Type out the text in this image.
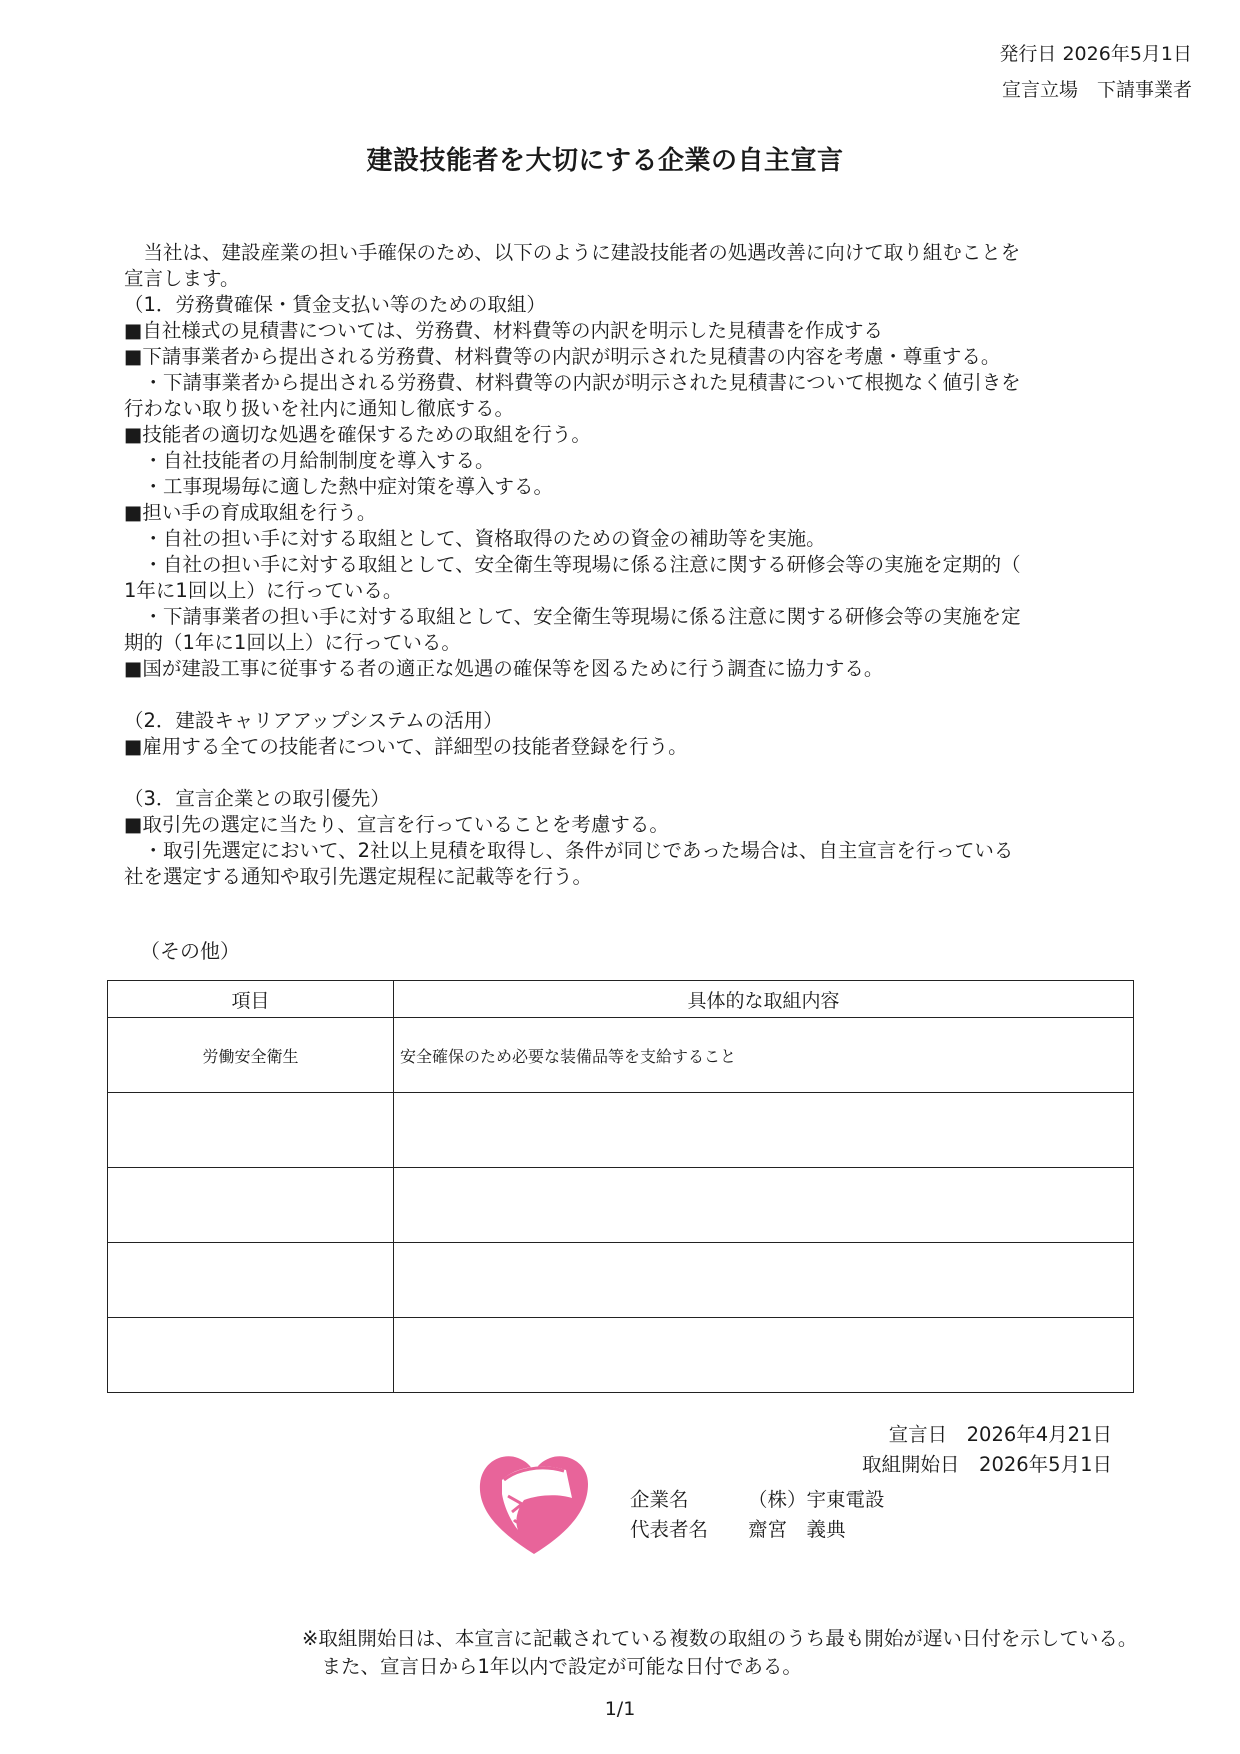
発行日 2026年5月1日
宣言立場　下請事業者
建設技能者を大切にする企業の自主宣言

　当社は、建設産業の担い手確保のため、以下のように建設技能者の処遇改善に向けて取り組むことを

宣言します。

（1．労務費確保・賃金支払い等のための取組）

■自社様式の見積書については、労務費、材料費等の内訳を明示した見積書を作成する

■下請事業者から提出される労務費、材料費等の内訳が明示された見積書の内容を考慮・尊重する。

　・下請事業者から提出される労務費、材料費等の内訳が明示された見積書について根拠なく値引きを

行わない取り扱いを社内に通知し徹底する。

■技能者の適切な処遇を確保するための取組を行う。

　・自社技能者の月給制制度を導入する。

　・工事現場毎に適した熱中症対策を導入する。

■担い手の育成取組を行う。

　・自社の担い手に対する取組として、資格取得のための資金の補助等を実施。

　・自社の担い手に対する取組として、安全衛生等現場に係る注意に関する研修会等の実施を定期的（

1年に1回以上）に行っている。

　・下請事業者の担い手に対する取組として、安全衛生等現場に係る注意に関する研修会等の実施を定

期的（1年に1回以上）に行っている。

■国が建設工事に従事する者の適正な処遇の確保等を図るために行う調査に協力する。

（2．建設キャリアアップシステムの活用）

■雇用する全ての技能者について、詳細型の技能者登録を行う。

（3．宣言企業との取引優先）

■取引先の選定に当たり、宣言を行っていることを考慮する。

　・取引先選定において、2社以上見積を取得し、条件が同じであった場合は、自主宣言を行っている

社を選定する通知や取引先選定規程に記載等を行う。

（その他）
項目	具体的な取組内容
労働安全衛生	安全確保のため必要な装備品等を支給すること

宣言日　 2026年4月21日
取組開始日　 2026年5月1日
企業名	（株）宇東電設
代表者名	齋宮　義典
※取組開始日は、本宣言に記載されている複数の取組のうち最も開始が遅い日付を示している。
　また、宣言日から1年以内で設定が可能な日付である。
1/1
